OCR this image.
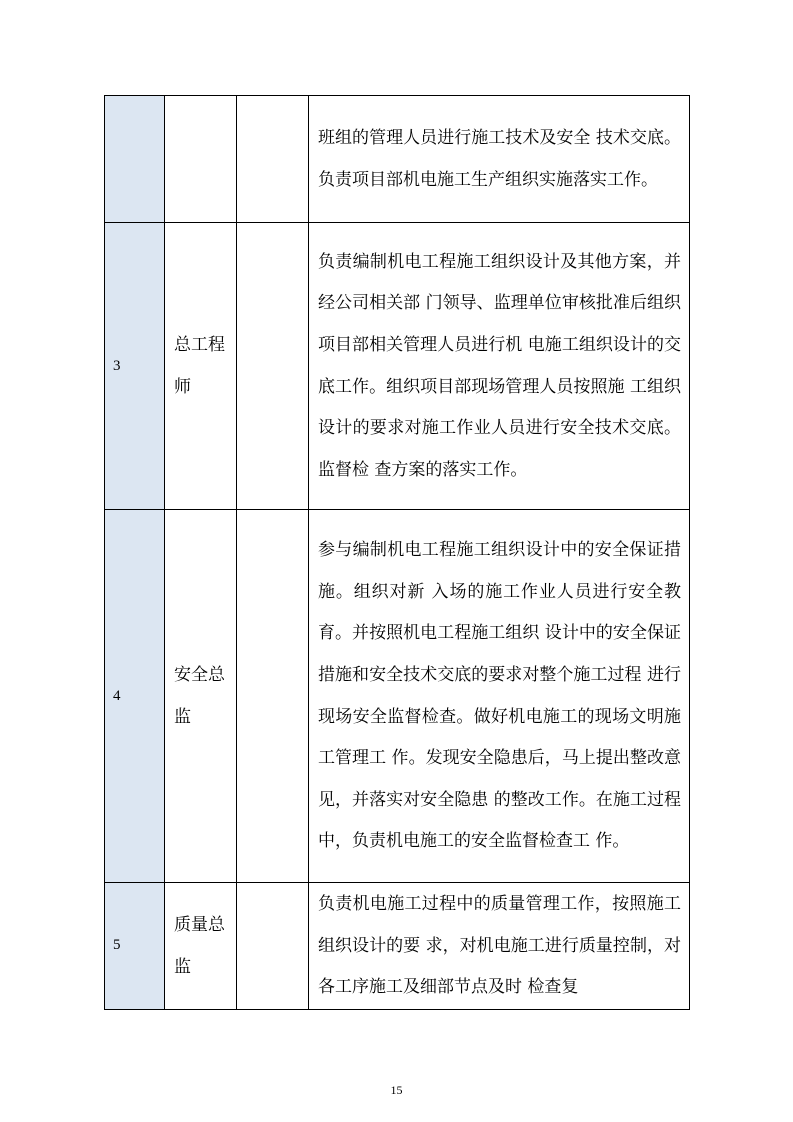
			班组的管理人员进行施工技术及安全 技术交底。负责项目部机电施工生产组织实施落实工作。

3	总工程师		负责编制机电工程施工组织设计及其他方案，并经公司相关部 门领导、监理单位审核批准后组织项目部相关管理人员进行机 电施工组织设计的交底工作。组织项目部现场管理人员按照施 工组织设计的要求对施工作业人员进行安全技术交底。监督检 查方案的落实工作。

4	安全总监		参与编制机电工程施工组织设计中的安全保证措施。组织对新 入场的施工作业人员进行安全教育。并按照机电工程施工组织 设计中的安全保证措施和安全技术交底的要求对整个施工过程 进行现场安全监督检查。做好机电施工的现场文明施工管理工 作。发现安全隐患后，马上提出整改意见，并落实对安全隐患 的整改工作。在施工过程中，负责机电施工的安全监督检查工 作。

5	质量总监		负责机电施工过程中的质量管理工作，按照施工组织设计的要 求，对机电施工进行质量控制，对各工序施工及细部节点及时 检查复
15
